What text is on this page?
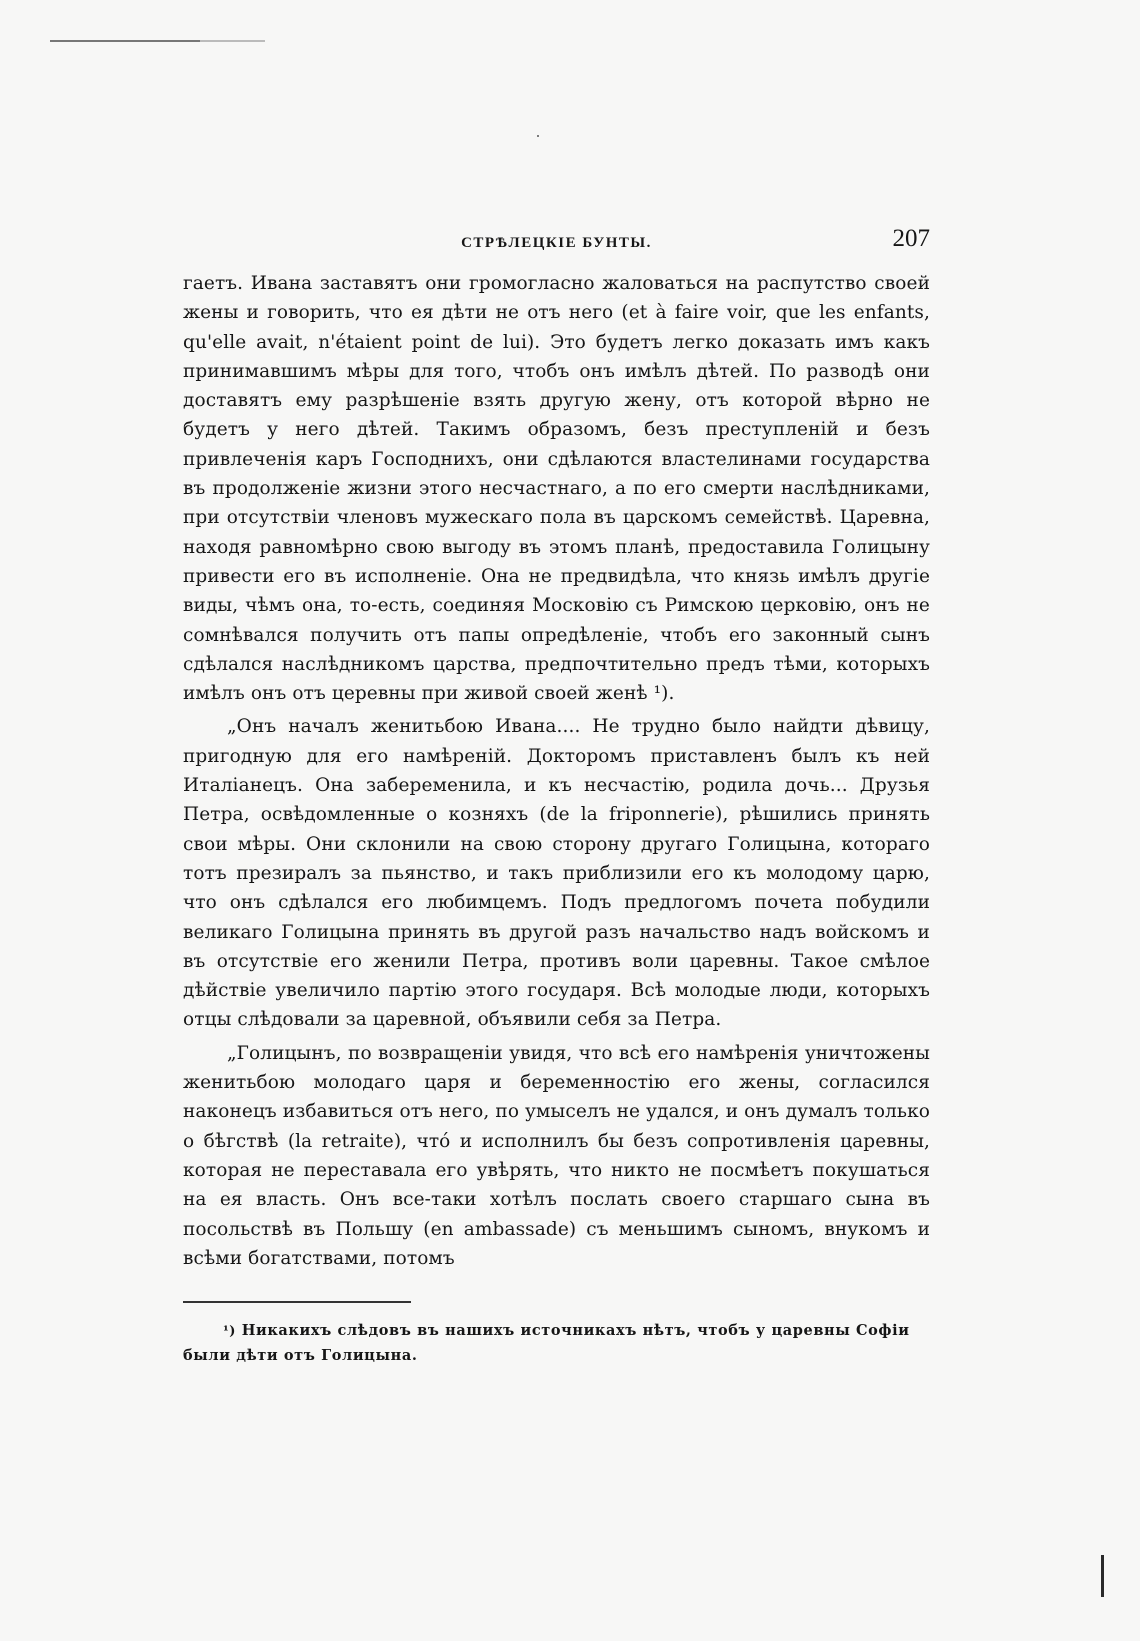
СТРѢЛЕЦКІЕ БУНТЫ.	207

гаетъ. Ивана заставятъ они громогласно жаловаться на распутство своей жены и говорить, что ея дѣти не отъ него (et à faire voir, que les enfants, qu'elle avait, n'étaient point de lui). Это будетъ легко доказать имъ какъ принимавшимъ мѣры для того, чтобъ онъ имѣлъ дѣтей. По разводѣ они доставятъ ему разрѣшеніе взять другую жену, отъ которой вѣрно не будетъ у него дѣтей. Такимъ образомъ, безъ преступленій и безъ привлеченія каръ Господнихъ, они сдѣлаются властелинами государства въ продолженіе жизни этого несчастнаго, а по его смерти наслѣдниками, при отсутствіи членовъ мужескаго пола въ царскомъ семействѣ. Царевна, находя равномѣрно свою выгоду въ этомъ планѣ, предоставила Голицыну привести его въ исполненіе. Она не предвидѣла, что князь имѣлъ другіе виды, чѣмъ она, то-есть, соединяя Московію съ Римскою церковію, онъ не сомнѣвался получить отъ папы опредѣленіе, чтобъ его законный сынъ сдѣлался наслѣдникомъ царства, предпочтительно предъ тѣми, которыхъ имѣлъ онъ отъ церевны при живой своей женѣ ¹).

„Онъ началъ женитьбою Ивана.... Не трудно было найдти дѣвицу, пригодную для его намѣреній. Докторомъ приставленъ былъ къ ней Италіанецъ. Она забеременила, и къ несчастію, родила дочь... Друзья Петра, освѣдомленные о козняхъ (de la friponnerie), рѣшились принять свои мѣры. Они склонили на свою сторону другаго Голицына, котораго тотъ презиралъ за пьянство, и такъ приблизили его къ молодому царю, что онъ сдѣлался его любимцемъ. Подъ предлогомъ почета побудили великаго Голицына принять въ другой разъ начальство надъ войскомъ и въ отсутствіе его женили Петра, противъ воли царевны. Такое смѣлое дѣйствіе увеличило партію этого государя. Всѣ молодые люди, которыхъ отцы слѣдовали за царевной, объявили себя за Петра.

„Голицынъ, по возвращеніи увидя, что всѣ его намѣренія уничтожены женитьбою молодаго царя и беременностію его жены, согласился наконецъ избавиться отъ него, по умыселъ не удался, и онъ думалъ только о бѣгствѣ (la retraite), чтó и исполнилъ бы безъ сопротивленія царевны, которая не переставала его увѣрять, что никто не посмѣетъ покушаться на ея власть. Онъ все-таки хотѣлъ послать своего старшаго сына въ посольствѣ въ Польшу (en ambassade) съ меньшимъ сыномъ, внукомъ и всѣми богатствами, потомъ

¹) Никакихъ слѣдовъ въ нашихъ источникахъ нѣтъ, чтобъ у царевны Софіи были дѣти отъ Голицына.
